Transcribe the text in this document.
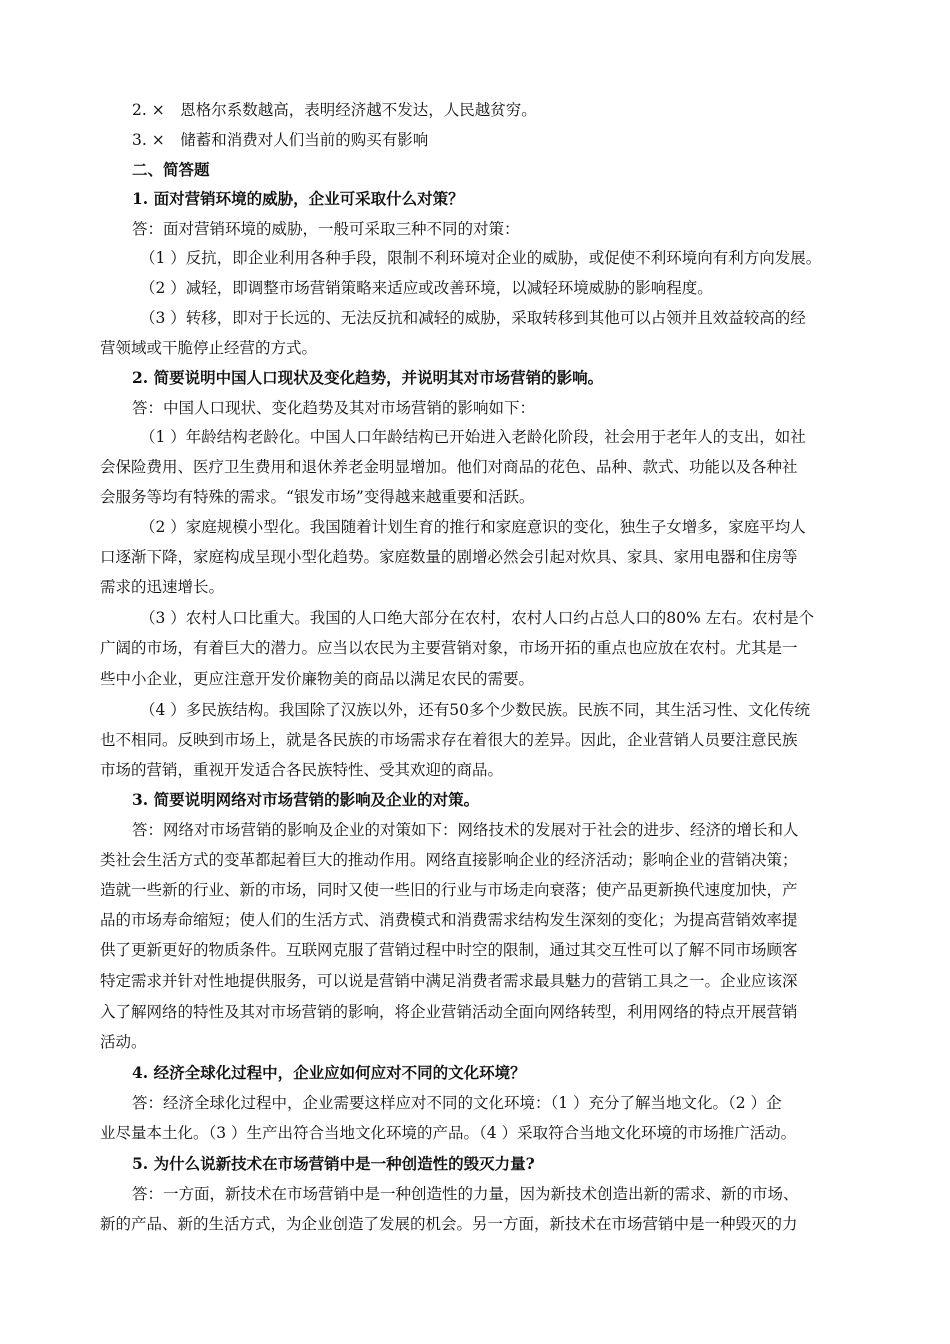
2. ×　恩格尔系数越高，表明经济越不发达，人民越贫穷。
3. ×　储蓄和消费对人们当前的购买有影响
二、简答题
1. 面对营销环境的威胁，企业可采取什么对策？
答：面对营销环境的威胁，一般可采取三种不同的对策：
（1 ）反抗，即企业利用各种手段，限制不利环境对企业的威胁，或促使不利环境向有利方向发展。
（2 ）减轻，即调整市场营销策略来适应或改善环境，以减轻环境威胁的影响程度。
（3 ）转移，即对于长远的、无法反抗和减轻的威胁，采取转移到其他可以占领并且效益较高的经
营领域或干脆停止经营的方式。
2. 简要说明中国人口现状及变化趋势，并说明其对市场营销的影响。
答：中国人口现状、变化趋势及其对市场营销的影响如下：
（1 ）年龄结构老龄化。中国人口年龄结构已开始进入老龄化阶段，社会用于老年人的支出，如社
会保险费用、医疗卫生费用和退休养老金明显增加。他们对商品的花色、品种、款式、功能以及各种社
会服务等均有特殊的需求。“银发市场”变得越来越重要和活跃。
（2 ）家庭规模小型化。我国随着计划生育的推行和家庭意识的变化，独生子女增多，家庭平均人
口逐渐下降，家庭构成呈现小型化趋势。家庭数量的剧增必然会引起对炊具、家具、家用电器和住房等
需求的迅速增长。
（3 ）农村人口比重大。我国的人口绝大部分在农村，农村人口约占总人口的80% 左右。农村是个
广阔的市场，有着巨大的潜力。应当以农民为主要营销对象，市场开拓的重点也应放在农村。尤其是一
些中小企业，更应注意开发价廉物美的商品以满足农民的需要。
（4 ）多民族结构。我国除了汉族以外，还有50多个少数民族。民族不同，其生活习性、文化传统
也不相同。反映到市场上，就是各民族的市场需求存在着很大的差异。因此，企业营销人员要注意民族
市场的营销，重视开发适合各民族特性、受其欢迎的商品。
3. 简要说明网络对市场营销的影响及企业的对策。
答：网络对市场营销的影响及企业的对策如下：网络技术的发展对于社会的进步、经济的增长和人
类社会生活方式的变革都起着巨大的推动作用。网络直接影响企业的经济活动；影响企业的营销决策；
造就一些新的行业、新的市场，同时又使一些旧的行业与市场走向衰落；使产品更新换代速度加快，产
品的市场寿命缩短；使人们的生活方式、消费模式和消费需求结构发生深刻的变化；为提高营销效率提
供了更新更好的物质条件。互联网克服了营销过程中时空的限制，通过其交互性可以了解不同市场顾客
特定需求并针对性地提供服务，可以说是营销中满足消费者需求最具魅力的营销工具之一。企业应该深
入了解网络的特性及其对市场营销的影响，将企业营销活动全面向网络转型，利用网络的特点开展营销
活动。
4. 经济全球化过程中，企业应如何应对不同的文化环境？
答：经济全球化过程中，企业需要这样应对不同的文化环境：（1 ）充分了解当地文化。（2 ）企
业尽量本土化。（3 ）生产出符合当地文化环境的产品。（4 ）采取符合当地文化环境的市场推广活动。
5. 为什么说新技术在市场营销中是一种创造性的毁灭力量?
答：一方面，新技术在市场营销中是一种创造性的力量，因为新技术创造出新的需求、新的市场、
新的产品、新的生活方式，为企业创造了发展的机会。另一方面，新技术在市场营销中是一种毁灭的力
